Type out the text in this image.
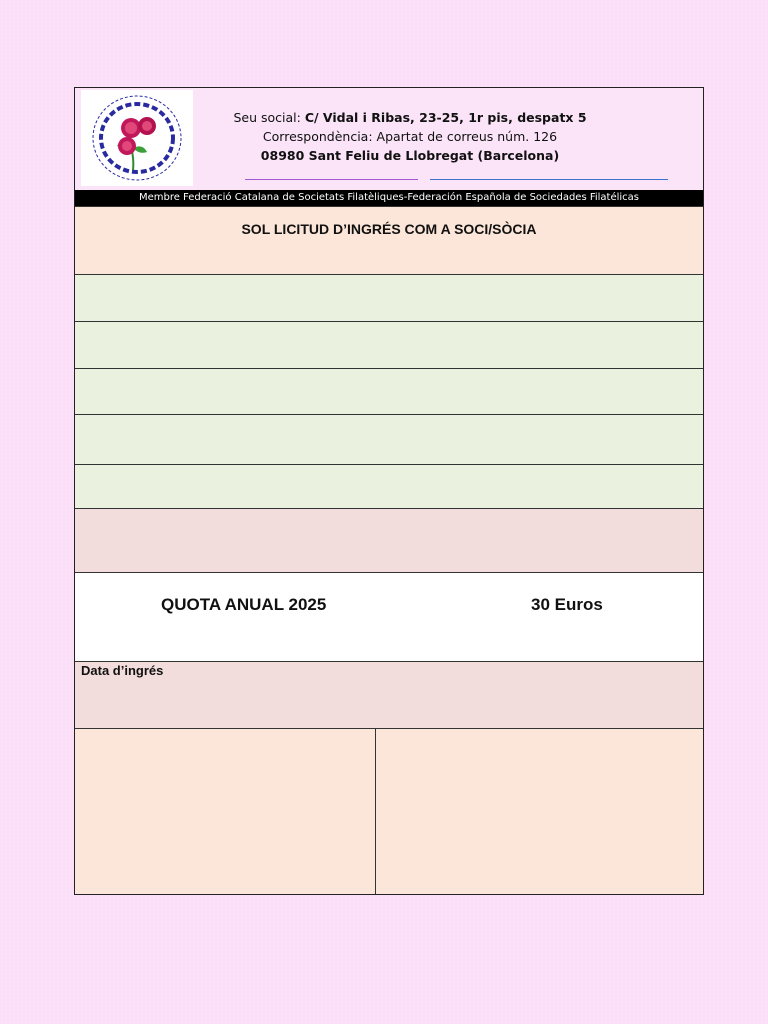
Seu social: C/ Vidal i Ribas, 23-25, 1r pis, despatx 5
Correspondència: Apartat de correus núm. 126
08980 Sant Feliu de Llobregat (Barcelona)
Membre Federació Catalana de Societats Filatèliques-Federación Española de Sociedades Filatélicas
SOL LICITUD D’INGRÉS COM A SOCI/SÒCIA
QUOTA ANUAL 2025	30 Euros
Data d’ingrés
